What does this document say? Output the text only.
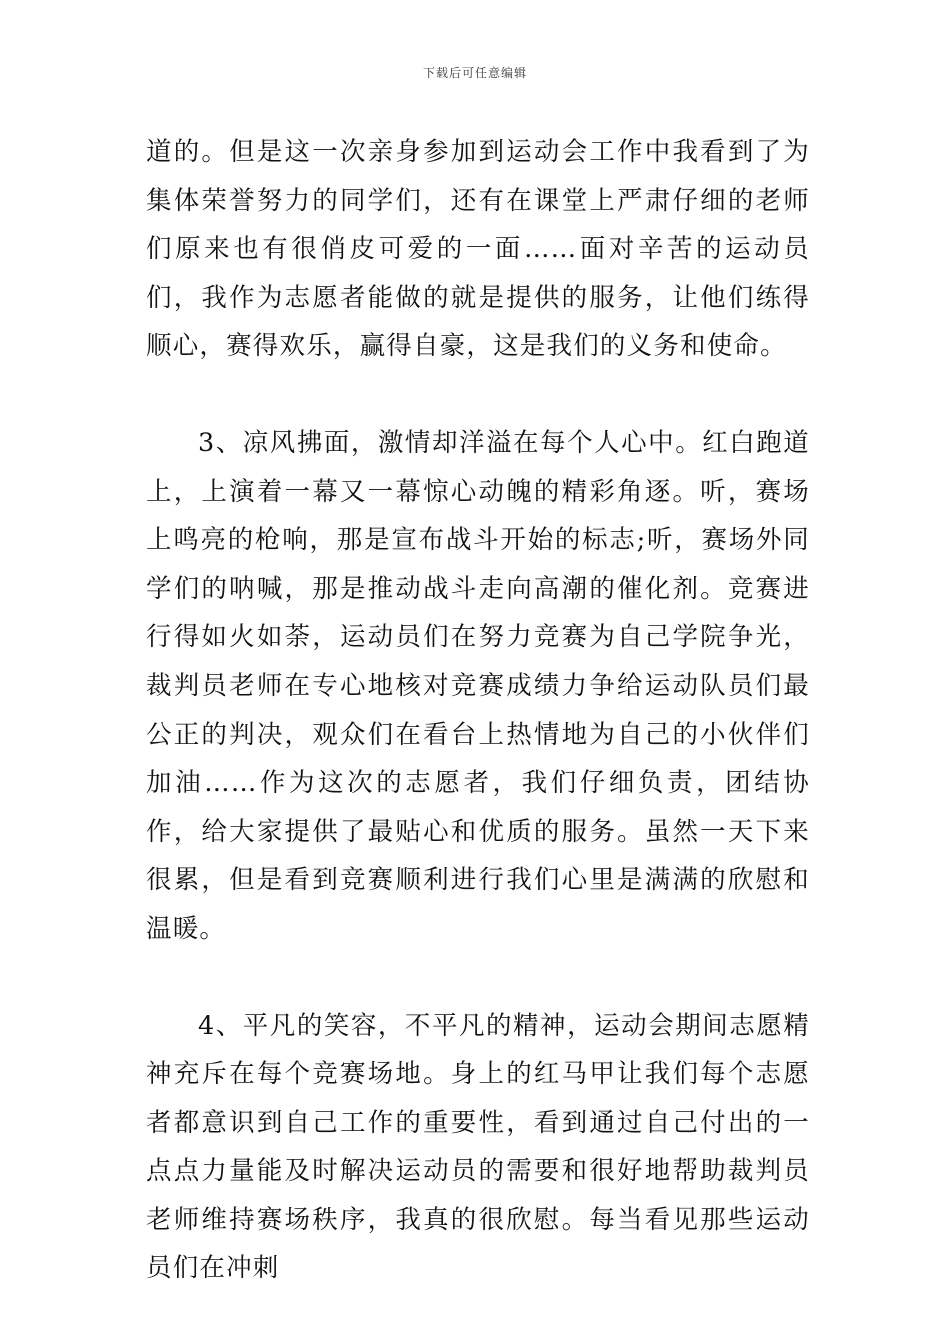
下载后可任意编辑

道的。但是这一次亲身参加到运动会工作中我看到了为集体荣誉努力的同学们，还有在课堂上严肃仔细的老师们原来也有很俏皮可爱的一面……面对辛苦的运动员们，我作为志愿者能做的就是提供的服务，让他们练得顺心，赛得欢乐，赢得自豪，这是我们的义务和使命。

3、凉风拂面，激情却洋溢在每个人心中。红白跑道上，上演着一幕又一幕惊心动魄的精彩角逐。听，赛场上鸣亮的枪响，那是宣布战斗开始的标志;听，赛场外同学们的呐喊，那是推动战斗走向高潮的催化剂。竞赛进行得如火如荼，运动员们在努力竞赛为自己学院争光，裁判员老师在专心地核对竞赛成绩力争给运动队员们最公正的判决，观众们在看台上热情地为自己的小伙伴们加油……作为这次的志愿者，我们仔细负责，团结协作，给大家提供了最贴心和优质的服务。虽然一天下来很累，但是看到竞赛顺利进行我们心里是满满的欣慰和温暖。

4、平凡的笑容，不平凡的精神，运动会期间志愿精神充斥在每个竞赛场地。身上的红马甲让我们每个志愿者都意识到自己工作的重要性，看到通过自己付出的一点点力量能及时解决运动员的需要和很好地帮助裁判员老师维持赛场秩序，我真的很欣慰。每当看见那些运动员们在冲刺
